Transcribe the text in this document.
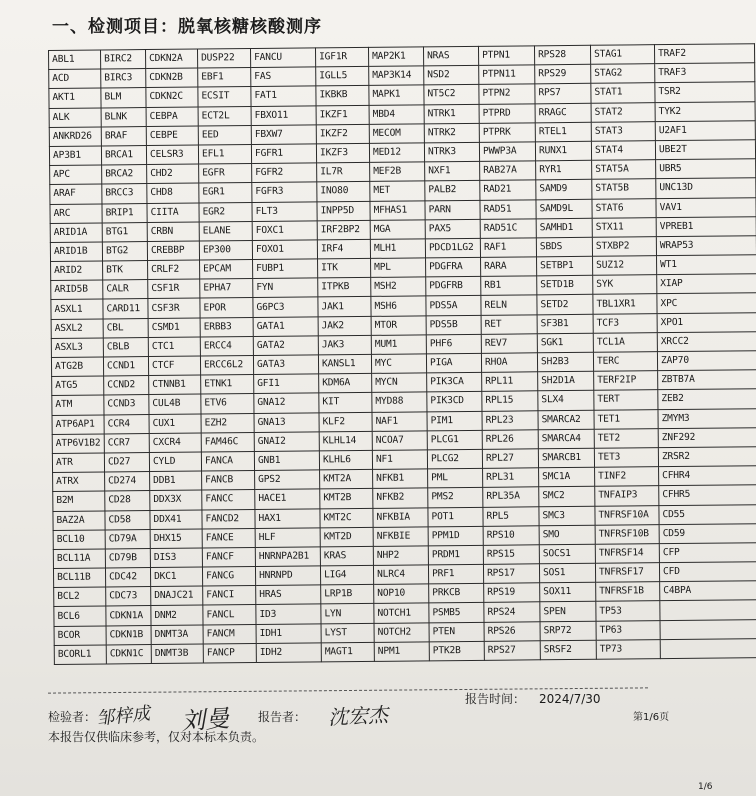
一、检测项目：脱氧核糖核酸测序
ABL1	BIRC2	CDKN2A	DUSP22	FANCU	IGF1R	MAP2K1	NRAS	PTPN1	RPS28	STAG1	TRAF2
ACD	BIRC3	CDKN2B	EBF1	FAS	IGLL5	MAP3K14	NSD2	PTPN11	RPS29	STAG2	TRAF3
AKT1	BLM	CDKN2C	ECSIT	FAT1	IKBKB	MAPK1	NT5C2	PTPN2	RPS7	STAT1	TSR2
ALK	BLNK	CEBPA	ECT2L	FBXO11	IKZF1	MBD4	NTRK1	PTPRD	RRAGC	STAT2	TYK2
ANKRD26	BRAF	CEBPE	EED	FBXW7	IKZF2	MECOM	NTRK2	PTPRK	RTEL1	STAT3	U2AF1
AP3B1	BRCA1	CELSR3	EFL1	FGFR1	IKZF3	MED12	NTRK3	PWWP3A	RUNX1	STAT4	UBE2T
APC	BRCA2	CHD2	EGFR	FGFR2	IL7R	MEF2B	NXF1	RAB27A	RYR1	STAT5A	UBR5
ARAF	BRCC3	CHD8	EGR1	FGFR3	INO80	MET	PALB2	RAD21	SAMD9	STAT5B	UNC13D
ARC	BRIP1	CIITA	EGR2	FLT3	INPP5D	MFHAS1	PARN	RAD51	SAMD9L	STAT6	VAV1
ARID1A	BTG1	CRBN	ELANE	FOXC1	IRF2BP2	MGA	PAX5	RAD51C	SAMHD1	STX11	VPREB1
ARID1B	BTG2	CREBBP	EP300	FOXO1	IRF4	MLH1	PDCD1LG2	RAF1	SBDS	STXBP2	WRAP53
ARID2	BTK	CRLF2	EPCAM	FUBP1	ITK	MPL	PDGFRA	RARA	SETBP1	SUZ12	WT1
ARID5B	CALR	CSF1R	EPHA7	FYN	ITPKB	MSH2	PDGFRB	RB1	SETD1B	SYK	XIAP
ASXL1	CARD11	CSF3R	EPOR	G6PC3	JAK1	MSH6	PDS5A	RELN	SETD2	TBL1XR1	XPC
ASXL2	CBL	CSMD1	ERBB3	GATA1	JAK2	MTOR	PDS5B	RET	SF3B1	TCF3	XPO1
ASXL3	CBLB	CTC1	ERCC4	GATA2	JAK3	MUM1	PHF6	REV7	SGK1	TCL1A	XRCC2
ATG2B	CCND1	CTCF	ERCC6L2	GATA3	KANSL1	MYC	PIGA	RHOA	SH2B3	TERC	ZAP70
ATG5	CCND2	CTNNB1	ETNK1	GFI1	KDM6A	MYCN	PIK3CA	RPL11	SH2D1A	TERF2IP	ZBTB7A
ATM	CCND3	CUL4B	ETV6	GNA12	KIT	MYD88	PIK3CD	RPL15	SLX4	TERT	ZEB2
ATP6AP1	CCR4	CUX1	EZH2	GNA13	KLF2	NAF1	PIM1	RPL23	SMARCA2	TET1	ZMYM3
ATP6V1B2	CCR7	CXCR4	FAM46C	GNAI2	KLHL14	NCOA7	PLCG1	RPL26	SMARCA4	TET2	ZNF292
ATR	CD27	CYLD	FANCA	GNB1	KLHL6	NF1	PLCG2	RPL27	SMARCB1	TET3	ZRSR2
ATRX	CD274	DDB1	FANCB	GPS2	KMT2A	NFKB1	PML	RPL31	SMC1A	TINF2	CFHR4
B2M	CD28	DDX3X	FANCC	HACE1	KMT2B	NFKB2	PMS2	RPL35A	SMC2	TNFAIP3	CFHR5
BAZ2A	CD58	DDX41	FANCD2	HAX1	KMT2C	NFKBIA	POT1	RPL5	SMC3	TNFRSF10A	CD55
BCL10	CD79A	DHX15	FANCE	HLF	KMT2D	NFKBIE	PPM1D	RPS10	SMO	TNFRSF10B	CD59
BCL11A	CD79B	DIS3	FANCF	HNRNPA2B1	KRAS	NHP2	PRDM1	RPS15	SOCS1	TNFRSF14	CFP
BCL11B	CDC42	DKC1	FANCG	HNRNPD	LIG4	NLRC4	PRF1	RPS17	SOS1	TNFRSF17	CFD
BCL2	CDC73	DNAJC21	FANCI	HRAS	LRP1B	NOP10	PRKCB	RPS19	SOX11	TNFRSF1B	C4BPA
BCL6	CDKN1A	DNM2	FANCL	ID3	LYN	NOTCH1	PSMB5	RPS24	SPEN	TP53	
BCOR	CDKN1B	DNMT3A	FANCM	IDH1	LYST	NOTCH2	PTEN	RPS26	SRP72	TP63	
BCORL1	CDKN1C	DNMT3B	FANCP	IDH2	MAGT1	NPM1	PTK2B	RPS27	SRSF2	TP73	
报告时间： 2024/7/30
检验者： 邹梓成 刘曼 报告者： 沈宏杰	第1/6页
本报告仅供临床参考，仅对本标本负责。
1/6
